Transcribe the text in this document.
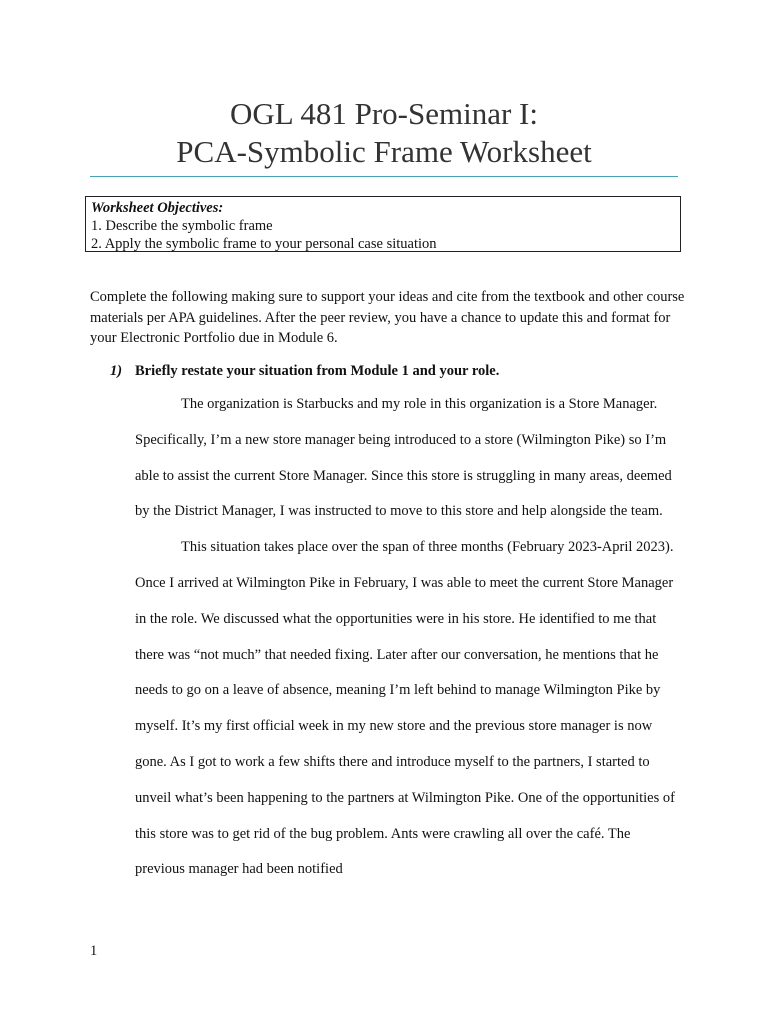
OGL 481 Pro-Seminar I:
PCA-Symbolic Frame Worksheet
Worksheet Objectives:
1. Describe the symbolic frame
2. Apply the symbolic frame to your personal case situation
Complete the following making sure to support your ideas and cite from the textbook and other course materials per APA guidelines. After the peer review, you have a chance to update this and format for your Electronic Portfolio due in Module 6.
1) Briefly restate your situation from Module 1 and your role.

The organization is Starbucks and my role in this organization is a Store Manager. Specifically, I’m a new store manager being introduced to a store (Wilmington Pike) so I’m able to assist the current Store Manager. Since this store is struggling in many areas, deemed by the District Manager, I was instructed to move to this store and help alongside the team.

This situation takes place over the span of three months (February 2023-April 2023). Once I arrived at Wilmington Pike in February, I was able to meet the current Store Manager in the role. We discussed what the opportunities were in his store. He identified to me that there was “not much” that needed fixing. Later after our conversation, he mentions that he needs to go on a leave of absence, meaning I’m left behind to manage Wilmington Pike by myself. It’s my first official week in my new store and the previous store manager is now gone. As I got to work a few shifts there and introduce myself to the partners, I started to unveil what’s been happening to the partners at Wilmington Pike. One of the opportunities of this store was to get rid of the bug problem. Ants were crawling all over the café. The previous manager had been notified

1
